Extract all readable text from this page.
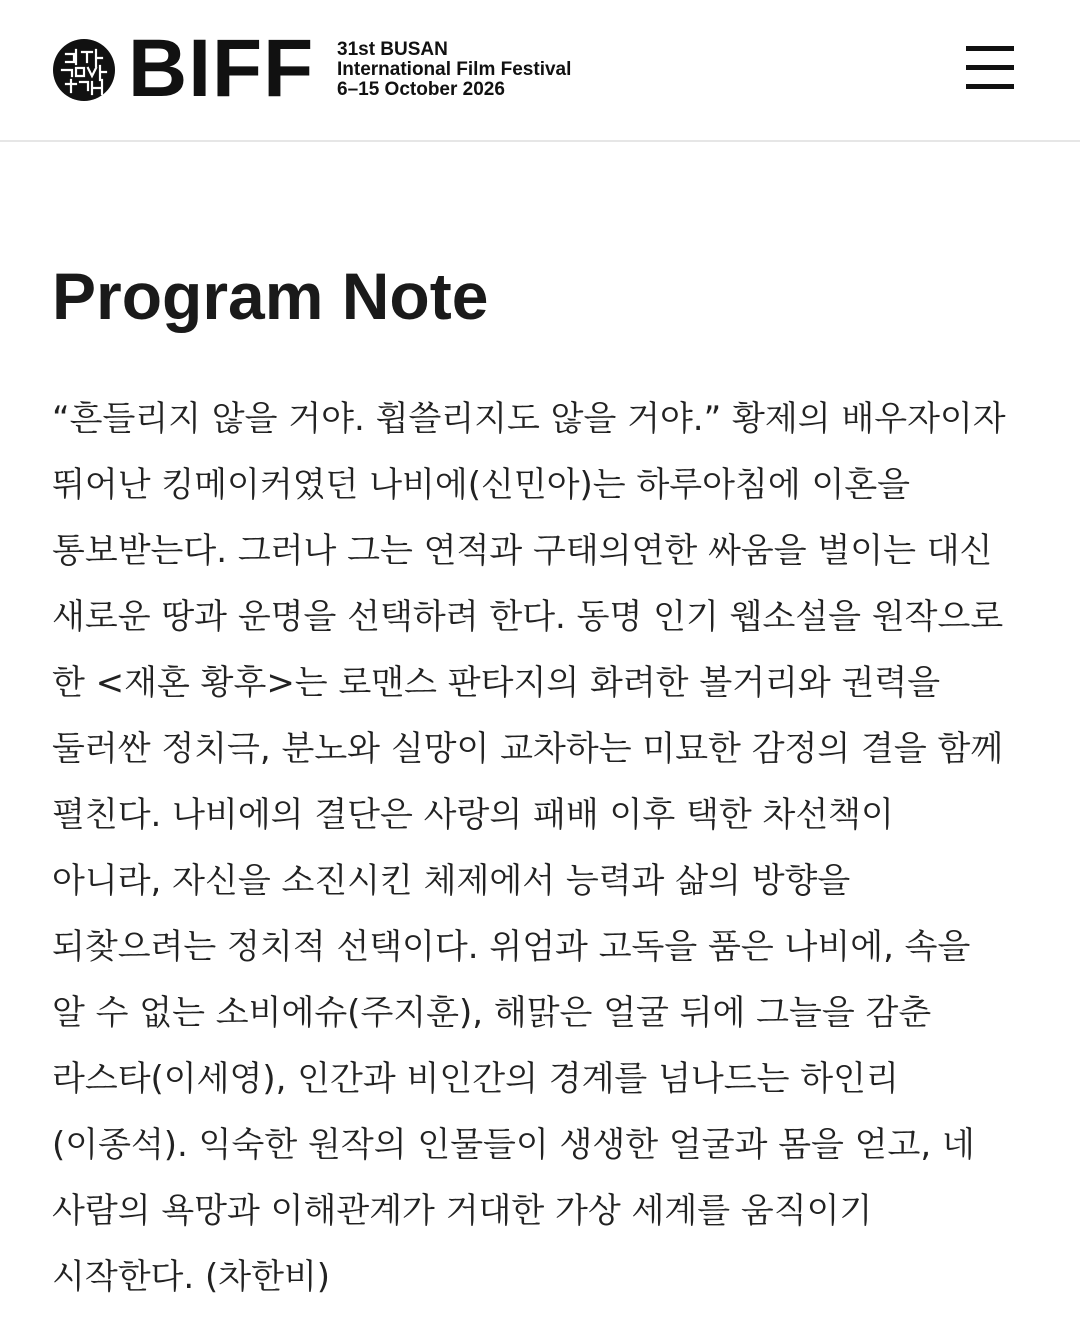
BIFF 31st BUSAN
International Film Festival
6–15 October 2026
Program Note
“흔들리지 않을 거야. 휩쓸리지도 않을 거야.” 황제의 배우자이자
뛰어난 킹메이커였던 나비에(신민아)는 하루아침에 이혼을
통보받는다. 그러나 그는 연적과 구태의연한 싸움을 벌이는 대신
새로운 땅과 운명을 선택하려 한다. 동명 인기 웹소설을 원작으로
한 <재혼 황후>는 로맨스 판타지의 화려한 볼거리와 권력을
둘러싼 정치극, 분노와 실망이 교차하는 미묘한 감정의 결을 함께
펼친다. 나비에의 결단은 사랑의 패배 이후 택한 차선책이
아니라, 자신을 소진시킨 체제에서 능력과 삶의 방향을
되찾으려는 정치적 선택이다. 위엄과 고독을 품은 나비에, 속을
알 수 없는 소비에슈(주지훈), 해맑은 얼굴 뒤에 그늘을 감춘
라스타(이세영), 인간과 비인간의 경계를 넘나드는 하인리
(이종석). 익숙한 원작의 인물들이 생생한 얼굴과 몸을 얻고, 네
사람의 욕망과 이해관계가 거대한 가상 세계를 움직이기
시작한다. (차한비)
